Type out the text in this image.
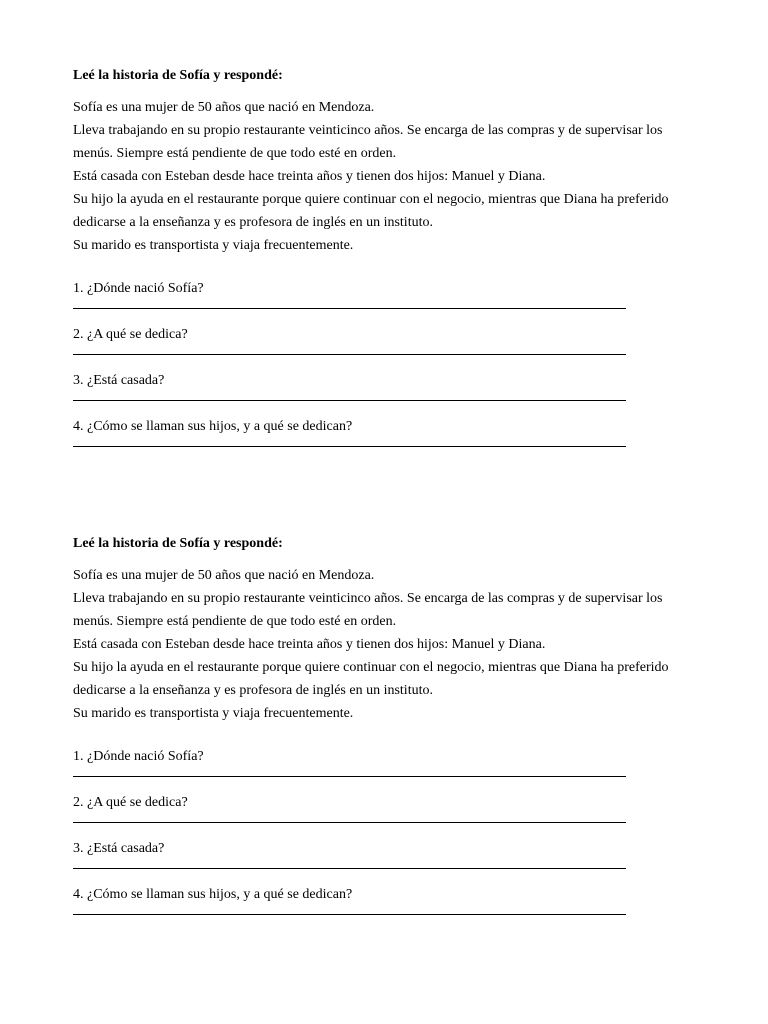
Leé la historia de Sofía y respondé:

Sofía es una mujer de 50 años que nació en Mendoza.

Lleva trabajando en su propio restaurante veinticinco años. Se encarga de las compras y de supervisar los menús. Siempre está pendiente de que todo esté en orden.

Está casada con Esteban desde hace treinta años y tienen dos hijos: Manuel y Diana.

Su hijo la ayuda en el restaurante porque quiere continuar con el negocio, mientras que Diana ha preferido dedicarse a la enseñanza y es profesora de inglés en un instituto.

Su marido es transportista y viaja frecuentemente.

1. ¿Dónde nació Sofía?
2. ¿A qué se dedica?
3. ¿Está casada?
4. ¿Cómo se llaman sus hijos, y a qué se dedican?
Leé la historia de Sofía y respondé:

Sofía es una mujer de 50 años que nació en Mendoza.

Lleva trabajando en su propio restaurante veinticinco años. Se encarga de las compras y de supervisar los menús. Siempre está pendiente de que todo esté en orden.

Está casada con Esteban desde hace treinta años y tienen dos hijos: Manuel y Diana.

Su hijo la ayuda en el restaurante porque quiere continuar con el negocio, mientras que Diana ha preferido dedicarse a la enseñanza y es profesora de inglés en un instituto.

Su marido es transportista y viaja frecuentemente.

1. ¿Dónde nació Sofía?
2. ¿A qué se dedica?
3. ¿Está casada?
4. ¿Cómo se llaman sus hijos, y a qué se dedican?
